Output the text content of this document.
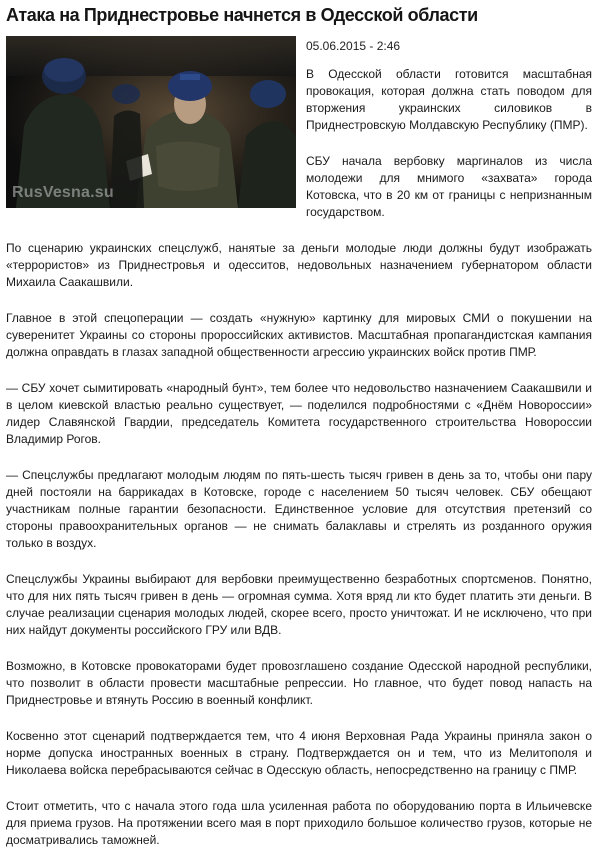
Атака на Приднестровье начнется в Одесской области
RusVesna.su
05.06.2015 - 2:46

В Одесской области готовится масштабная провокация, которая должна стать поводом для вторжения украинских силовиков в Приднестровскую Молдавскую Республику (ПМР).

СБУ начала вербовку маргиналов из числа молодежи для мнимого «захвата» города Котовска, что в 20 км от границы с непризнанным государством.

По сценарию украинских спецслужб, нанятые за деньги молодые люди должны будут изображать «террористов» из Приднестровья и одесситов, недовольных назначением губернатором области Михаила Саакашвили.

Главное в этой спецоперации — создать «нужную» картинку для мировых СМИ о покушении на суверенитет Украины со стороны пророссийских активистов. Масштабная пропагандистская кампания должна оправдать в глазах западной общественности агрессию украинских войск против ПМР.

— СБУ хочет сымитировать «народный бунт», тем более что недовольство назначением Саакашвили и в целом киевской властью реально существует, — поделился подробностями с «Днём Новороссии» лидер Славянской Гвардии, председатель Комитета государственного строительства Новороссии Владимир Рогов.

— Спецслужбы предлагают молодым людям по пять-шесть тысяч гривен в день за то, чтобы они пару дней постояли на баррикадах в Котовске, городе с населением 50 тысяч человек. СБУ обещают участникам полные гарантии безопасности. Единственное условие для отсутствия претензий со стороны правоохранительных органов — не снимать балаклавы и стрелять из розданного оружия только в воздух.

Спецслужбы Украины выбирают для вербовки преимущественно безработных спортсменов. Понятно, что для них пять тысяч гривен в день — огромная сумма. Хотя вряд ли кто будет платить эти деньги. В случае реализации сценария молодых людей, скорее всего, просто уничтожат. И не исключено, что при них найдут документы российского ГРУ или ВДВ.

Возможно, в Котовске провокаторами будет провозглашено создание Одесской народной республики, что позволит в области провести масштабные репрессии. Но главное, что будет повод напасть на Приднестровье и втянуть Россию в военный конфликт.

Косвенно этот сценарий подтверждается тем, что 4 июня Верховная Рада Украины приняла закон о норме допуска иностранных военных в страну. Подтверждается он и тем, что из Мелитополя и Николаева войска перебрасываются сейчас в Одесскую область, непосредственно на границу с ПМР.

Стоит отметить, что с начала этого года шла усиленная работа по оборудованию порта в Ильичевске для приема грузов. На протяжении всего мая в порт приходило большое количество грузов, которые не досматривались таможней.
